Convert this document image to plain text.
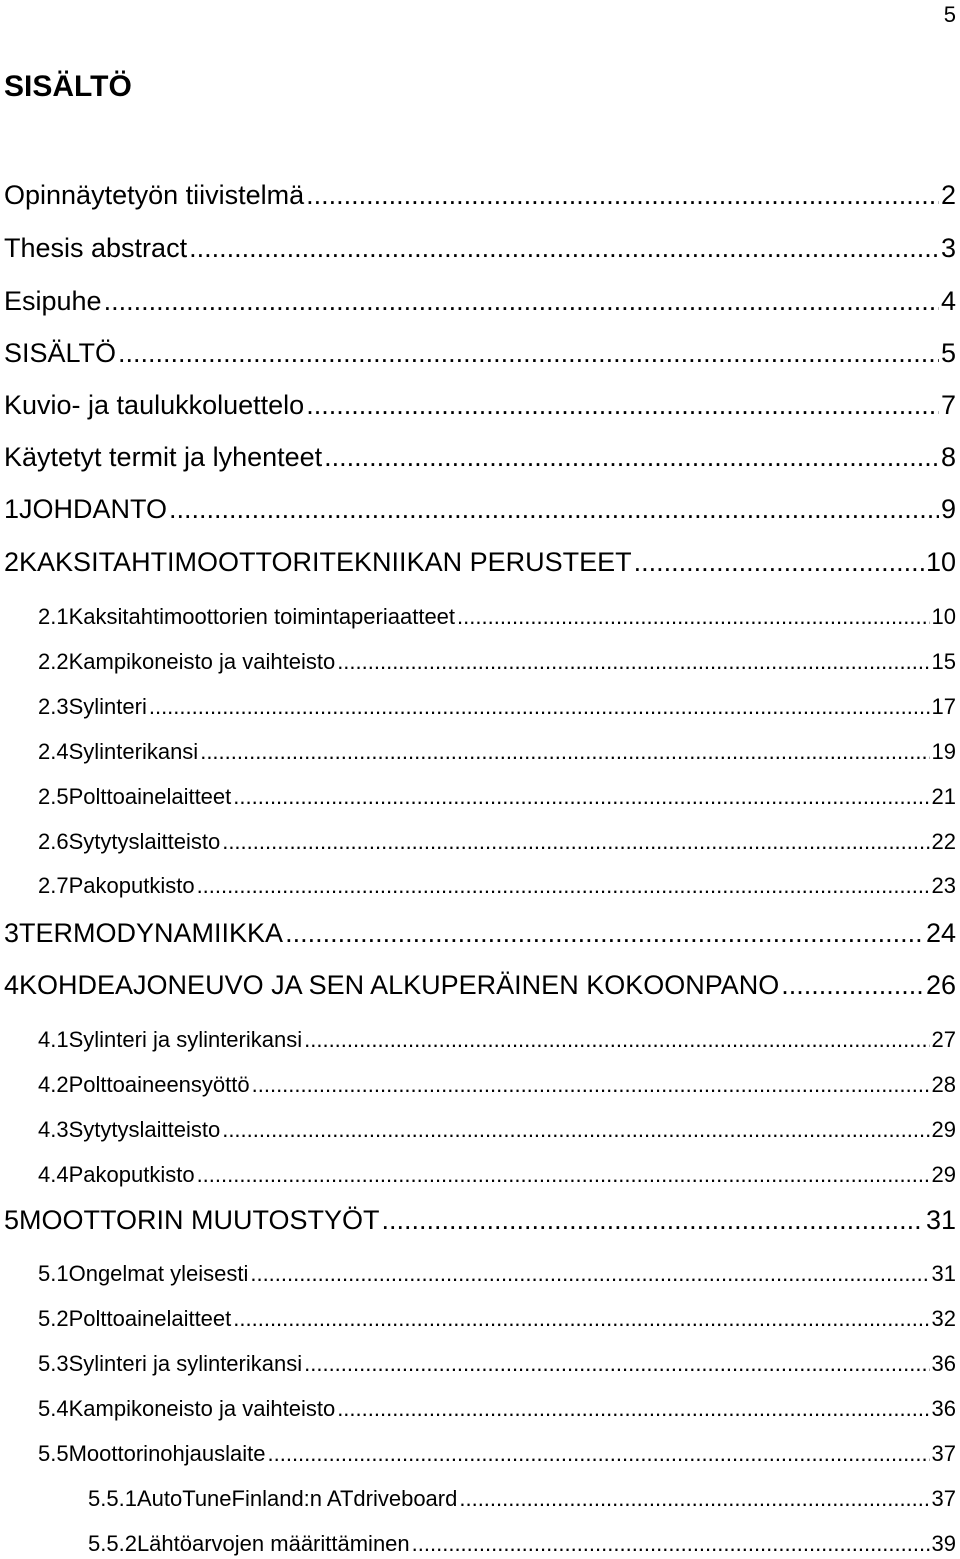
5
SISÄLTÖ
Opinnäytetyön tiivistelmä .....	2
Thesis abstract .....	3
Esipuhe .....	4
SISÄLTÖ .....	5
Kuvio- ja taulukkoluettelo .....	7
Käytetyt termit ja lyhenteet .....	8
1 JOHDANTO .....	9
2 KAKSITAHTIMOOTTORITEKNIIKAN PERUSTEET .....	10
2.1 Kaksitahtimoottorien toimintaperiaatteet .....	10
2.2 Kampikoneisto ja vaihteisto .....	15
2.3 Sylinteri .....	17
2.4 Sylinterikansi .....	19
2.5 Polttoainelaitteet .....	21
2.6 Sytytyslaitteisto .....	22
2.7 Pakoputkisto .....	23
3 TERMODYNAMIIKKA .....	24
4 KOHDEAJONEUVO JA SEN ALKUPERÄINEN KOKOONPANO .....	26
4.1 Sylinteri ja sylinterikansi .....	27
4.2 Polttoaineensyöttö .....	28
4.3 Sytytyslaitteisto .....	29
4.4 Pakoputkisto .....	29
5 MOOTTORIN MUUTOSTYÖT .....	31
5.1 Ongelmat yleisesti .....	31
5.2 Polttoainelaitteet .....	32
5.3 Sylinteri ja sylinterikansi .....	36
5.4 Kampikoneisto ja vaihteisto .....	36
5.5 Moottorinohjauslaite .....	37
5.5.1 AutoTuneFinland:n ATdriveboard .....	37
5.5.2 Lähtöarvojen määrittäminen .....	39
